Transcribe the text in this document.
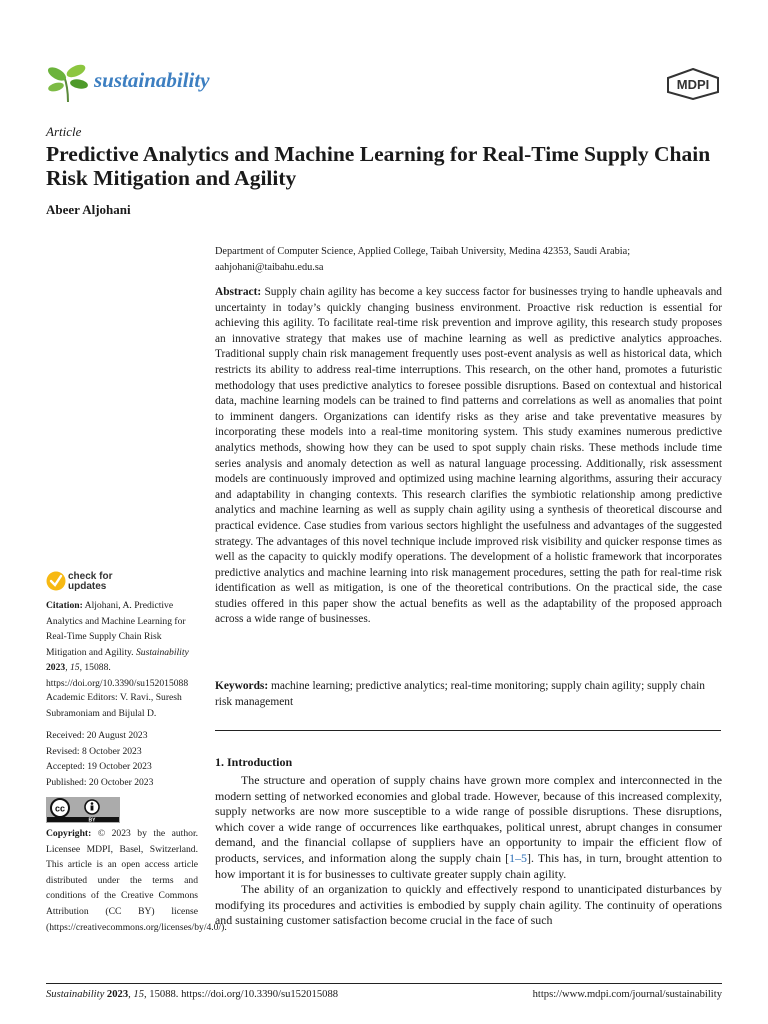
sustainability	MDPI
Article
Predictive Analytics and Machine Learning for Real-Time Supply Chain Risk Mitigation and Agility
Abeer Aljohani
Department of Computer Science, Applied College, Taibah University, Medina 42353, Saudi Arabia;
aahjohani@taibahu.edu.sa

Abstract: Supply chain agility has become a key success factor for businesses trying to handle upheavals and uncertainty in today’s quickly changing business environment. Proactive risk reduction is essential for achieving this agility. To facilitate real-time risk prevention and improve agility, this research study proposes an innovative strategy that makes use of machine learning as well as predictive analytics approaches. Traditional supply chain risk management frequently uses post-event analysis as well as historical data, which restricts its ability to address real-time interruptions. This research, on the other hand, promotes a futuristic methodology that uses predictive analytics to foresee possible disruptions. Based on contextual and historical data, machine learning models can be trained to find patterns and correlations as well as anomalies that point to imminent dangers. Organizations can identify risks as they arise and take preventative measures by incorporating these models into a real-time monitoring system. This study examines numerous predictive analytics methods, showing how they can be used to spot supply chain risks. These methods include time series analysis and anomaly detection as well as natural language processing. Additionally, risk assessment models are continuously improved and optimized using machine learning algorithms, assuring their accuracy and adaptability in changing contexts. This research clarifies the symbiotic relationship among predictive analytics and machine learning as well as supply chain agility using a synthesis of theoretical discourse and practical evidence. Case studies from various sectors highlight the usefulness and advantages of the suggested strategy. The advantages of this novel technique include improved risk visibility and quicker response times as well as the capacity to quickly modify operations. The development of a holistic framework that incorporates predictive analytics and machine learning into risk management procedures, setting the path for real-time risk identification as well as mitigation, is one of the theoretical contributions. On the practical side, the case studies offered in this paper show the actual benefits as well as the adaptability of the proposed approach across a wide range of businesses.

Keywords: machine learning; predictive analytics; real-time monitoring; supply chain agility; supply chain risk management

1. Introduction

The structure and operation of supply chains have grown more complex and interconnected in the modern setting of networked economies and global trade. However, because of this increased complexity, supply networks are now more susceptible to a wide range of possible disruptions. These disruptions, which cover a wide range of occurrences like earthquakes, political unrest, abrupt changes in consumer demand, and the financial collapse of suppliers have an opportunity to impair the efficient flow of products, services, and information along the supply chain [1–5]. This has, in turn, brought attention to how important it is for businesses to cultivate greater supply chain agility.

The ability of an organization to quickly and effectively respond to unanticipated disturbances by modifying its procedures and activities is embodied by supply chain agility. The continuity of operations and sustaining customer satisfaction become crucial in the face of such

check for
updates
Citation: Aljohani, A. Predictive Analytics and Machine Learning for Real-Time Supply Chain Risk Mitigation and Agility. Sustainability 2023, 15, 15088. https://doi.org/10.3390/su152015088
Academic Editors: V. Ravi., Suresh Subramoniam and Bijulal D.
Received: 20 August 2023
Revised: 8 October 2023
Accepted: 19 October 2023
Published: 20 October 2023
cc
BY
Copyright: © 2023 by the author. Licensee MDPI, Basel, Switzerland. This article is an open access article distributed under the terms and conditions of the Creative Commons Attribution (CC BY) license (https://creativecommons.org/licenses/by/4.0/).
Sustainability 2023, 15, 15088. https://doi.org/10.3390/su152015088	https://www.mdpi.com/journal/sustainability
